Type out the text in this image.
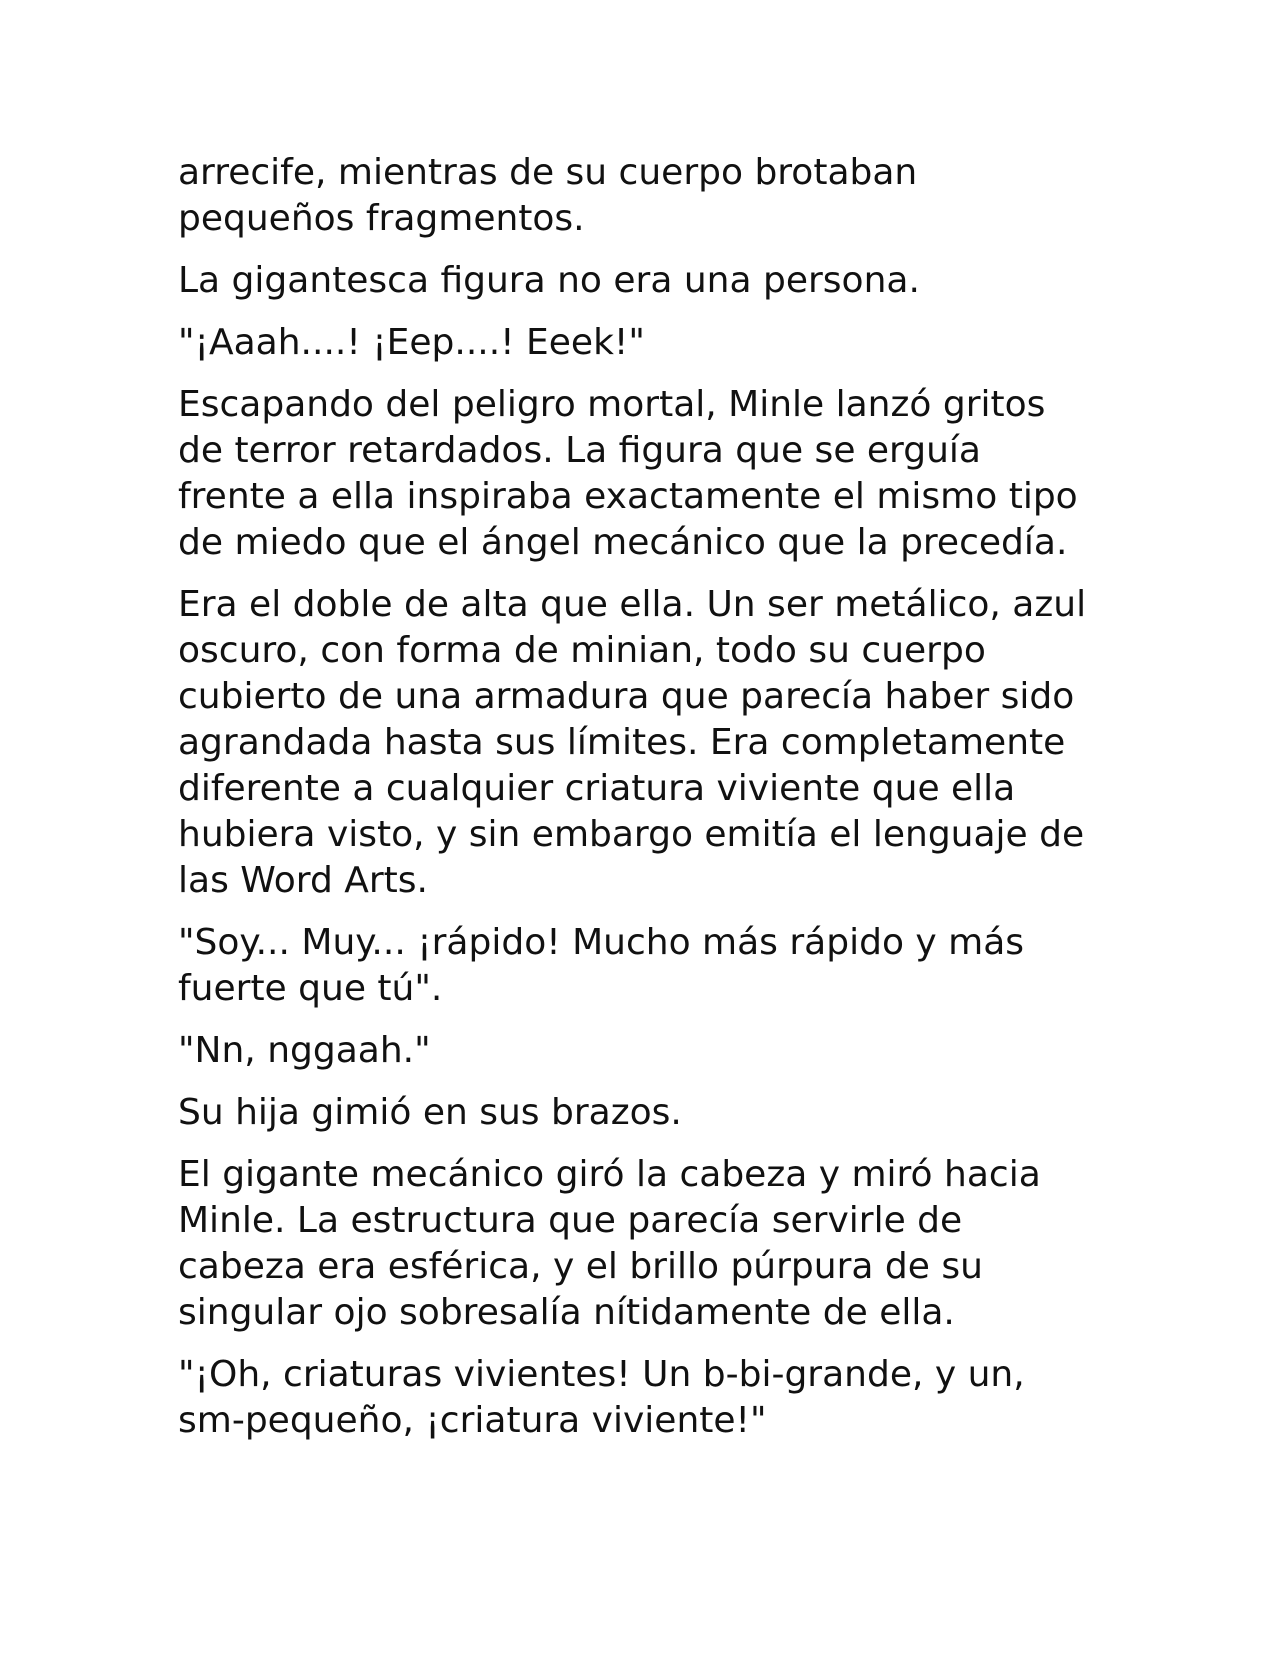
arrecife, mientras de su cuerpo brotaban pequeños fragmentos.

La gigantesca figura no era una persona.

"¡Aaah....! ¡Eep....! Eeek!"

Escapando del peligro mortal, Minle lanzó gritos de terror retardados. La figura que se erguía frente a ella inspiraba exactamente el mismo tipo de miedo que el ángel mecánico que la precedía.

Era el doble de alta que ella. Un ser metálico, azul oscuro, con forma de minian, todo su cuerpo cubierto de una armadura que parecía haber sido agrandada hasta sus límites. Era completamente diferente a cualquier criatura viviente que ella hubiera visto, y sin embargo emitía el lenguaje de las Word Arts.

"Soy... Muy... ¡rápido! Mucho más rápido y más fuerte que tú".

"Nn, nggaah."

Su hija gimió en sus brazos.

El gigante mecánico giró la cabeza y miró hacia Minle. La estructura que parecía servirle de cabeza era esférica, y el brillo púrpura de su singular ojo sobresalía nítidamente de ella.

"¡Oh, criaturas vivientes! Un b-bi-grande, y un, sm-pequeño, ¡criatura viviente!"
